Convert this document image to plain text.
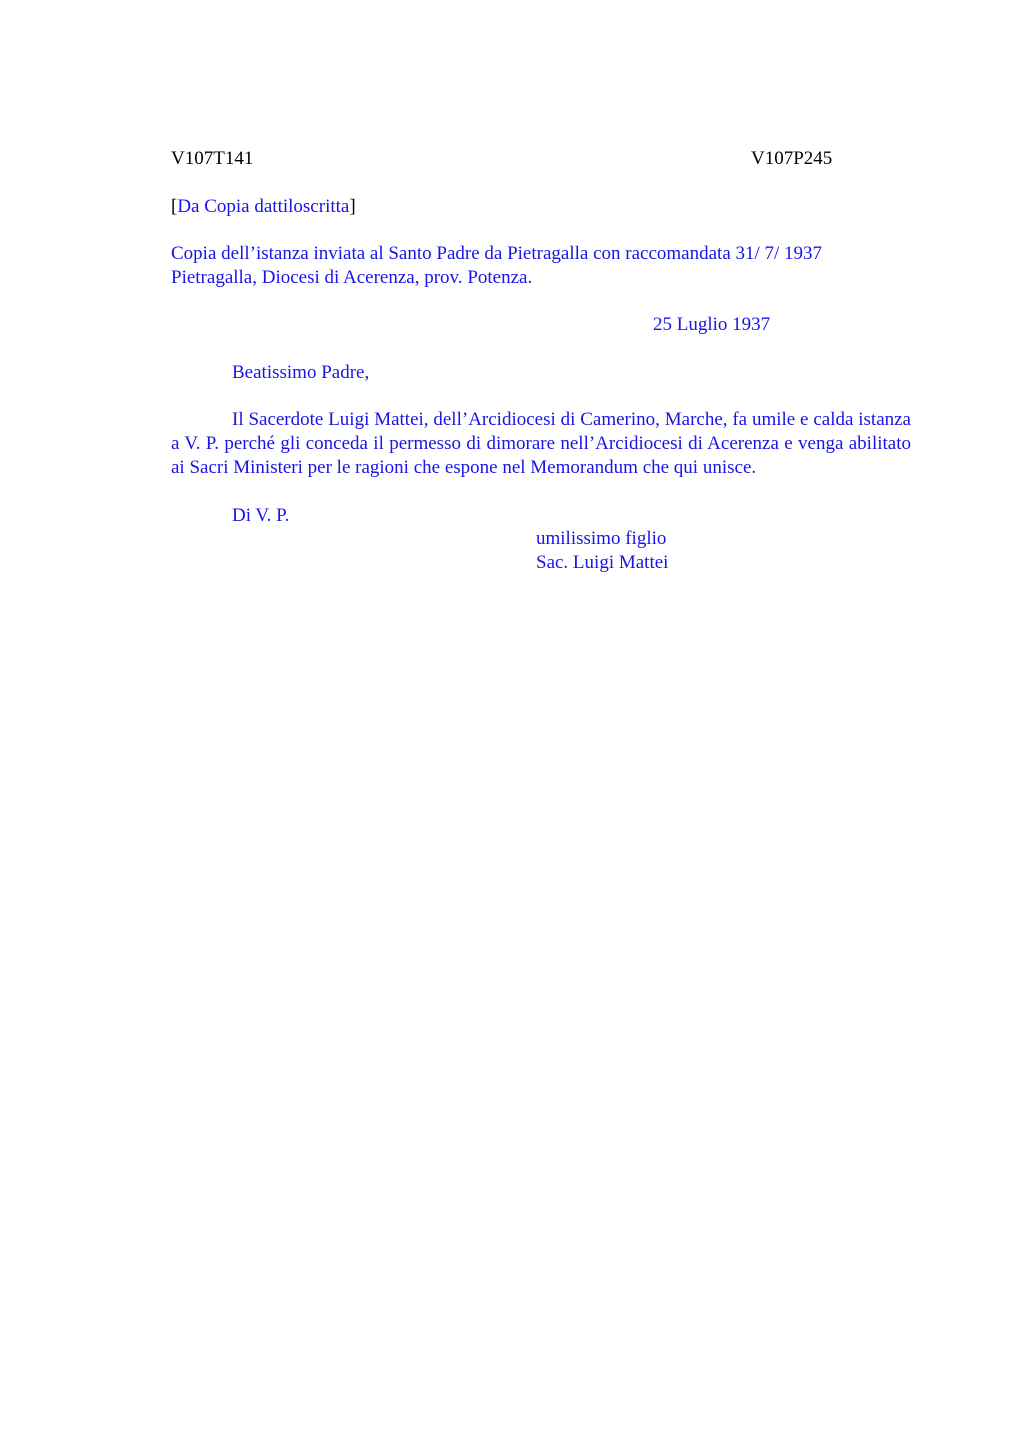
V107T141	V107P245
[Da Copia dattiloscritta]
Copia dell’istanza inviata al Santo Padre da Pietragalla con raccomandata 31/ 7/ 1937
Pietragalla, Diocesi di Acerenza, prov. Potenza.
25 Luglio 1937
Beatissimo Padre,
Il Sacerdote Luigi Mattei, dell’Arcidiocesi di Camerino, Marche, fa umile e calda istanza a V. P. perché gli conceda il permesso di dimorare nell’Arcidiocesi di Acerenza e venga abilitato ai Sacri Ministeri per le ragioni che espone nel Memorandum che qui unisce.
Di V. P.
umilissimo figlio
Sac. Luigi Mattei
